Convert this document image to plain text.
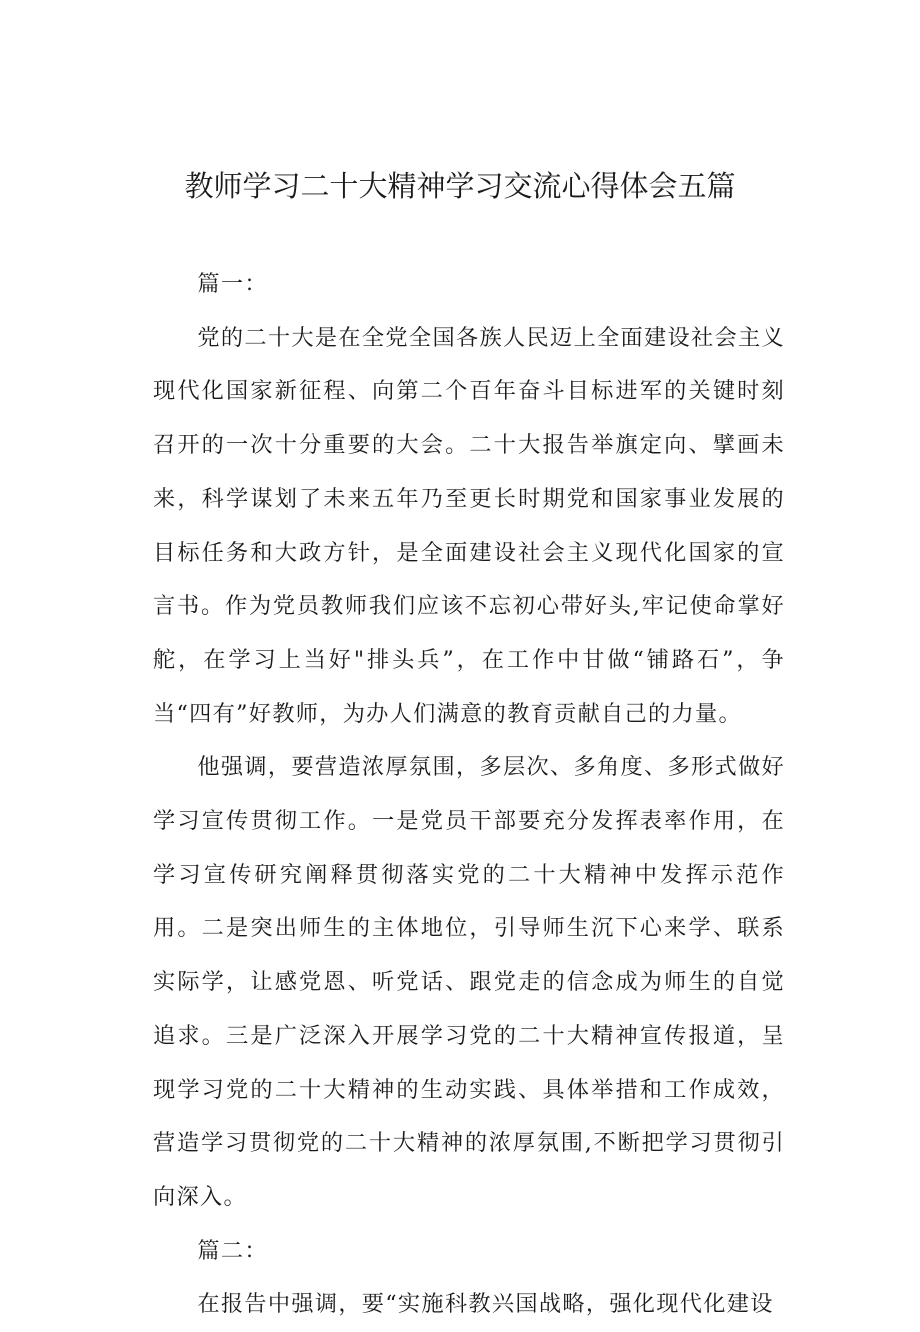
教师学习二十大精神学习交流心得体会五篇

篇一：

党的二十大是在全党全国各族人民迈上全面建设社会主义现代化国家新征程、向第二个百年奋斗目标进军的关键时刻召开的一次十分重要的大会。二十大报告举旗定向、擘画未来，科学谋划了未来五年乃至更长时期党和国家事业发展的目标任务和大政方针，是全面建设社会主义现代化国家的宣言书。作为党员教师我们应该不忘初心带好头,牢记使命掌好舵，在学习上当好"排头兵”，在工作中甘做“铺路石”，争当“四有”好教师，为办人们满意的教育贡献自己的力量。

他强调，要营造浓厚氛围，多层次、多角度、多形式做好学习宣传贯彻工作。一是党员干部要充分发挥表率作用，在学习宣传研究阐释贯彻落实党的二十大精神中发挥示范作用。二是突出师生的主体地位，引导师生沉下心来学、联系实际学，让感党恩、听党话、跟党走的信念成为师生的自觉追求。三是广泛深入开展学习党的二十大精神宣传报道，呈现学习党的二十大精神的生动实践、具体举措和工作成效，营造学习贯彻党的二十大精神的浓厚氛围,不断把学习贯彻引向深入。

篇二：

在报告中强调，要“实施科教兴国战略，强化现代化建设
